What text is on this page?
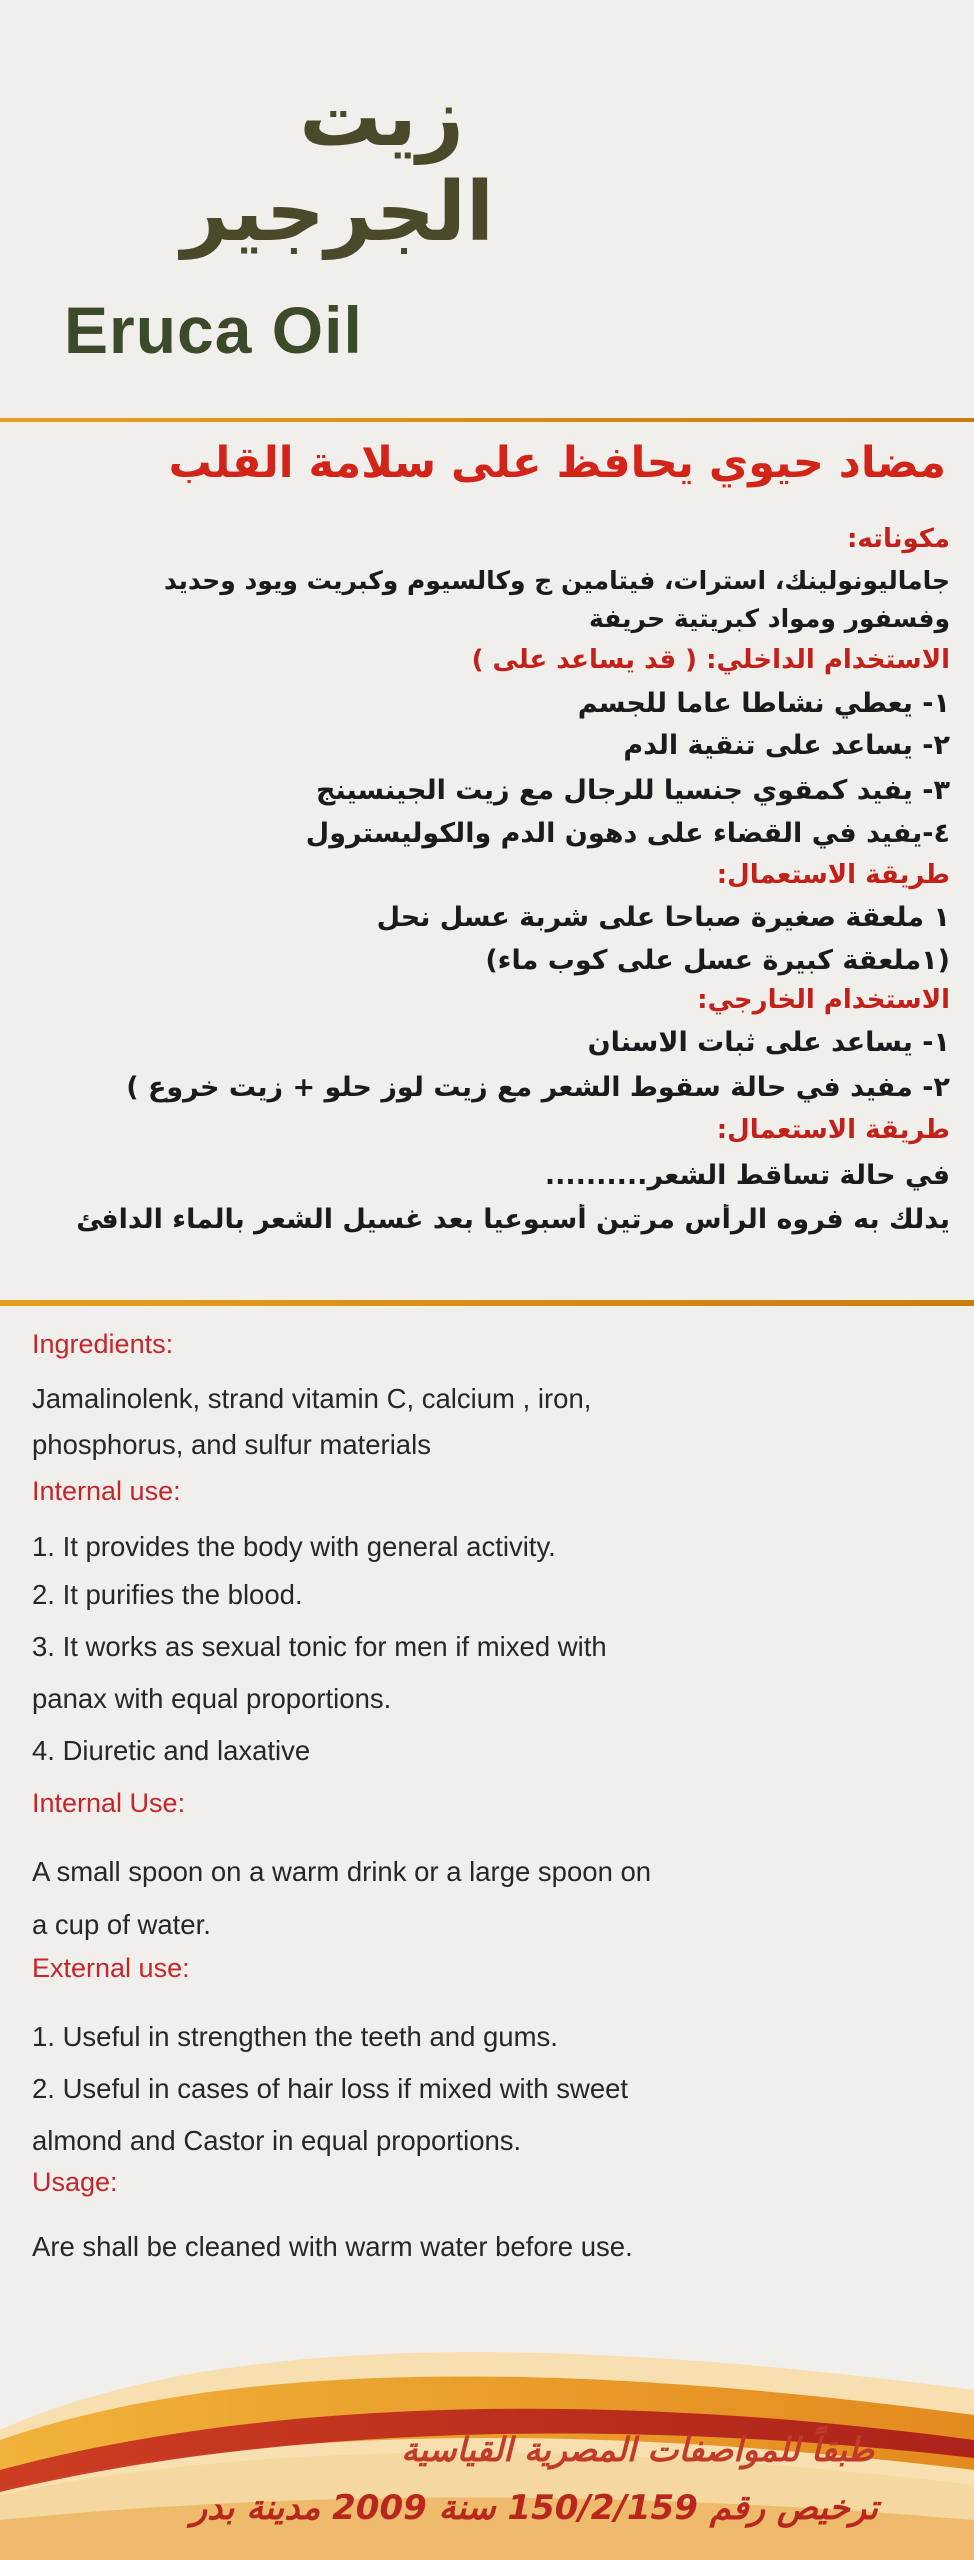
زيت
الجرجير
Eruca Oil
مضاد حيوي يحافظ على سلامة القلب
مكوناته:
جاماليونولينك، استرات، فيتامين ج وكالسيوم وكبريت ويود وحديد
وفسفور ومواد كبريتية حريفة
الاستخدام الداخلي: ( قد يساعد على )
١- يعطي نشاطا عاما للجسم
٢- يساعد على تنقية الدم
٣- يفيد كمقوي جنسيا للرجال مع زيت الجينسينج
٤-يفيد في القضاء على دهون الدم والكوليسترول
طريقة الاستعمال:
١ ملعقة صغيرة صباحا على شربة عسل نحل
(١ملعقة كبيرة عسل على كوب ماء)
الاستخدام الخارجي:
١- يساعد على ثبات الاسنان
٢- مفيد في حالة سقوط الشعر مع زيت لوز حلو + زيت خروع )
طريقة الاستعمال:
في حالة تساقط الشعر..........
يدلك به فروه الرأس مرتين أسبوعيا بعد غسيل الشعر بالماء الدافئ
Ingredients:
Jamalinolenk, strand vitamin C, calcium , iron,
phosphorus, and sulfur materials
Internal use:
1. It provides the body with general activity.
2. It purifies the blood.
3. It works as sexual tonic for men if mixed with
panax with equal proportions.
4. Diuretic and laxative
Internal Use:
A small spoon on a warm drink or a large spoon on
a cup of water.
External use:
1. Useful in strengthen the teeth and gums.
2. Useful in cases of hair loss if mixed with sweet
almond and Castor in equal proportions.
Usage:
Are shall be cleaned with warm water before use.
طبقاً للمواصفات المصرية القياسية
ترخيص رقم 150/2/159 سنة 2009 مدينة بدر
